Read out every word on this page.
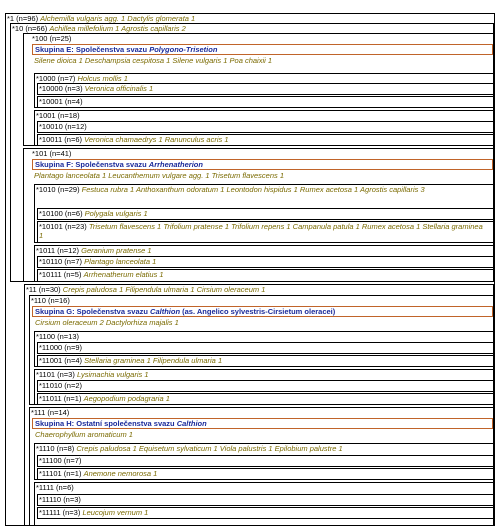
*1 (n=96) Alchemilla vulgaris agg. 1 Dactylis glomerata 1
*10 (n=66) Achillea millefolium 1 Agrostis capillaris 2
*100 (n=25)
Skupina E: Společenstva svazu Polygono-Trisetion
Silene dioica 1 Deschampsia cespitosa 1 Silene vulgaris 1 Poa chaixii 1
*1000 (n=7) Holcus mollis 1
*10000 (n=3) Veronica officinalis 1
*10001 (n=4)
*1001 (n=18)
*10010 (n=12)
*10011 (n=6) Veronica chamaedrys 1 Ranunculus acris 1
*101 (n=41)
Skupina F: Společenstva svazu Arrhenatherion
Plantago lanceolata 1 Leucanthemum vulgare agg. 1 Trisetum flavescens 1
*1010 (n=29) Festuca rubra 1 Anthoxanthum odoratum 1 Leontodon hispidus 1 Rumex acetosa 1 Agrostis capillaris 3
*10100 (n=6) Polygala vulgaris 1
*10101 (n=23) Trisetum flavescens 1 Trifolium pratense 1 Trifolium repens 1 Campanula patula 1 Rumex acetosa 1 Stellaria graminea 1
*1011 (n=12) Geranium pratense 1
*10110 (n=7) Plantago lanceolata 1
*10111 (n=5) Arrhenatherum elatius 1
*11 (n=30) Crepis paludosa 1 Filipendula ulmaria 1 Cirsium oleraceum 1
*110 (n=16)
Skupina G: Společenstva svazu Calthion (as. Angelico sylvestris-Cirsietum oleracei)
Cirsium oleraceum 2 Dactylorhiza majalis 1
*1100 (n=13)
*11000 (n=9)
*11001 (n=4) Stellaria graminea 1 Filipendula ulmaria 1
*1101 (n=3) Lysimachia vulgaris 1
*11010 (n=2)
*11011 (n=1) Aegopodium podagraria 1
*111 (n=14)
Skupina H: Ostatní společenstva svazu Calthion
Chaerophyllum aromaticum 1
*1110 (n=8) Crepis paludosa 1 Equisetum sylvaticum 1 Viola palustris 1 Epilobium palustre 1
*11100 (n=7)
*11101 (n=1) Anemone nemorosa 1
*1111 (n=6)
*11110 (n=3)
*11111 (n=3) Leucojum vernum 1
